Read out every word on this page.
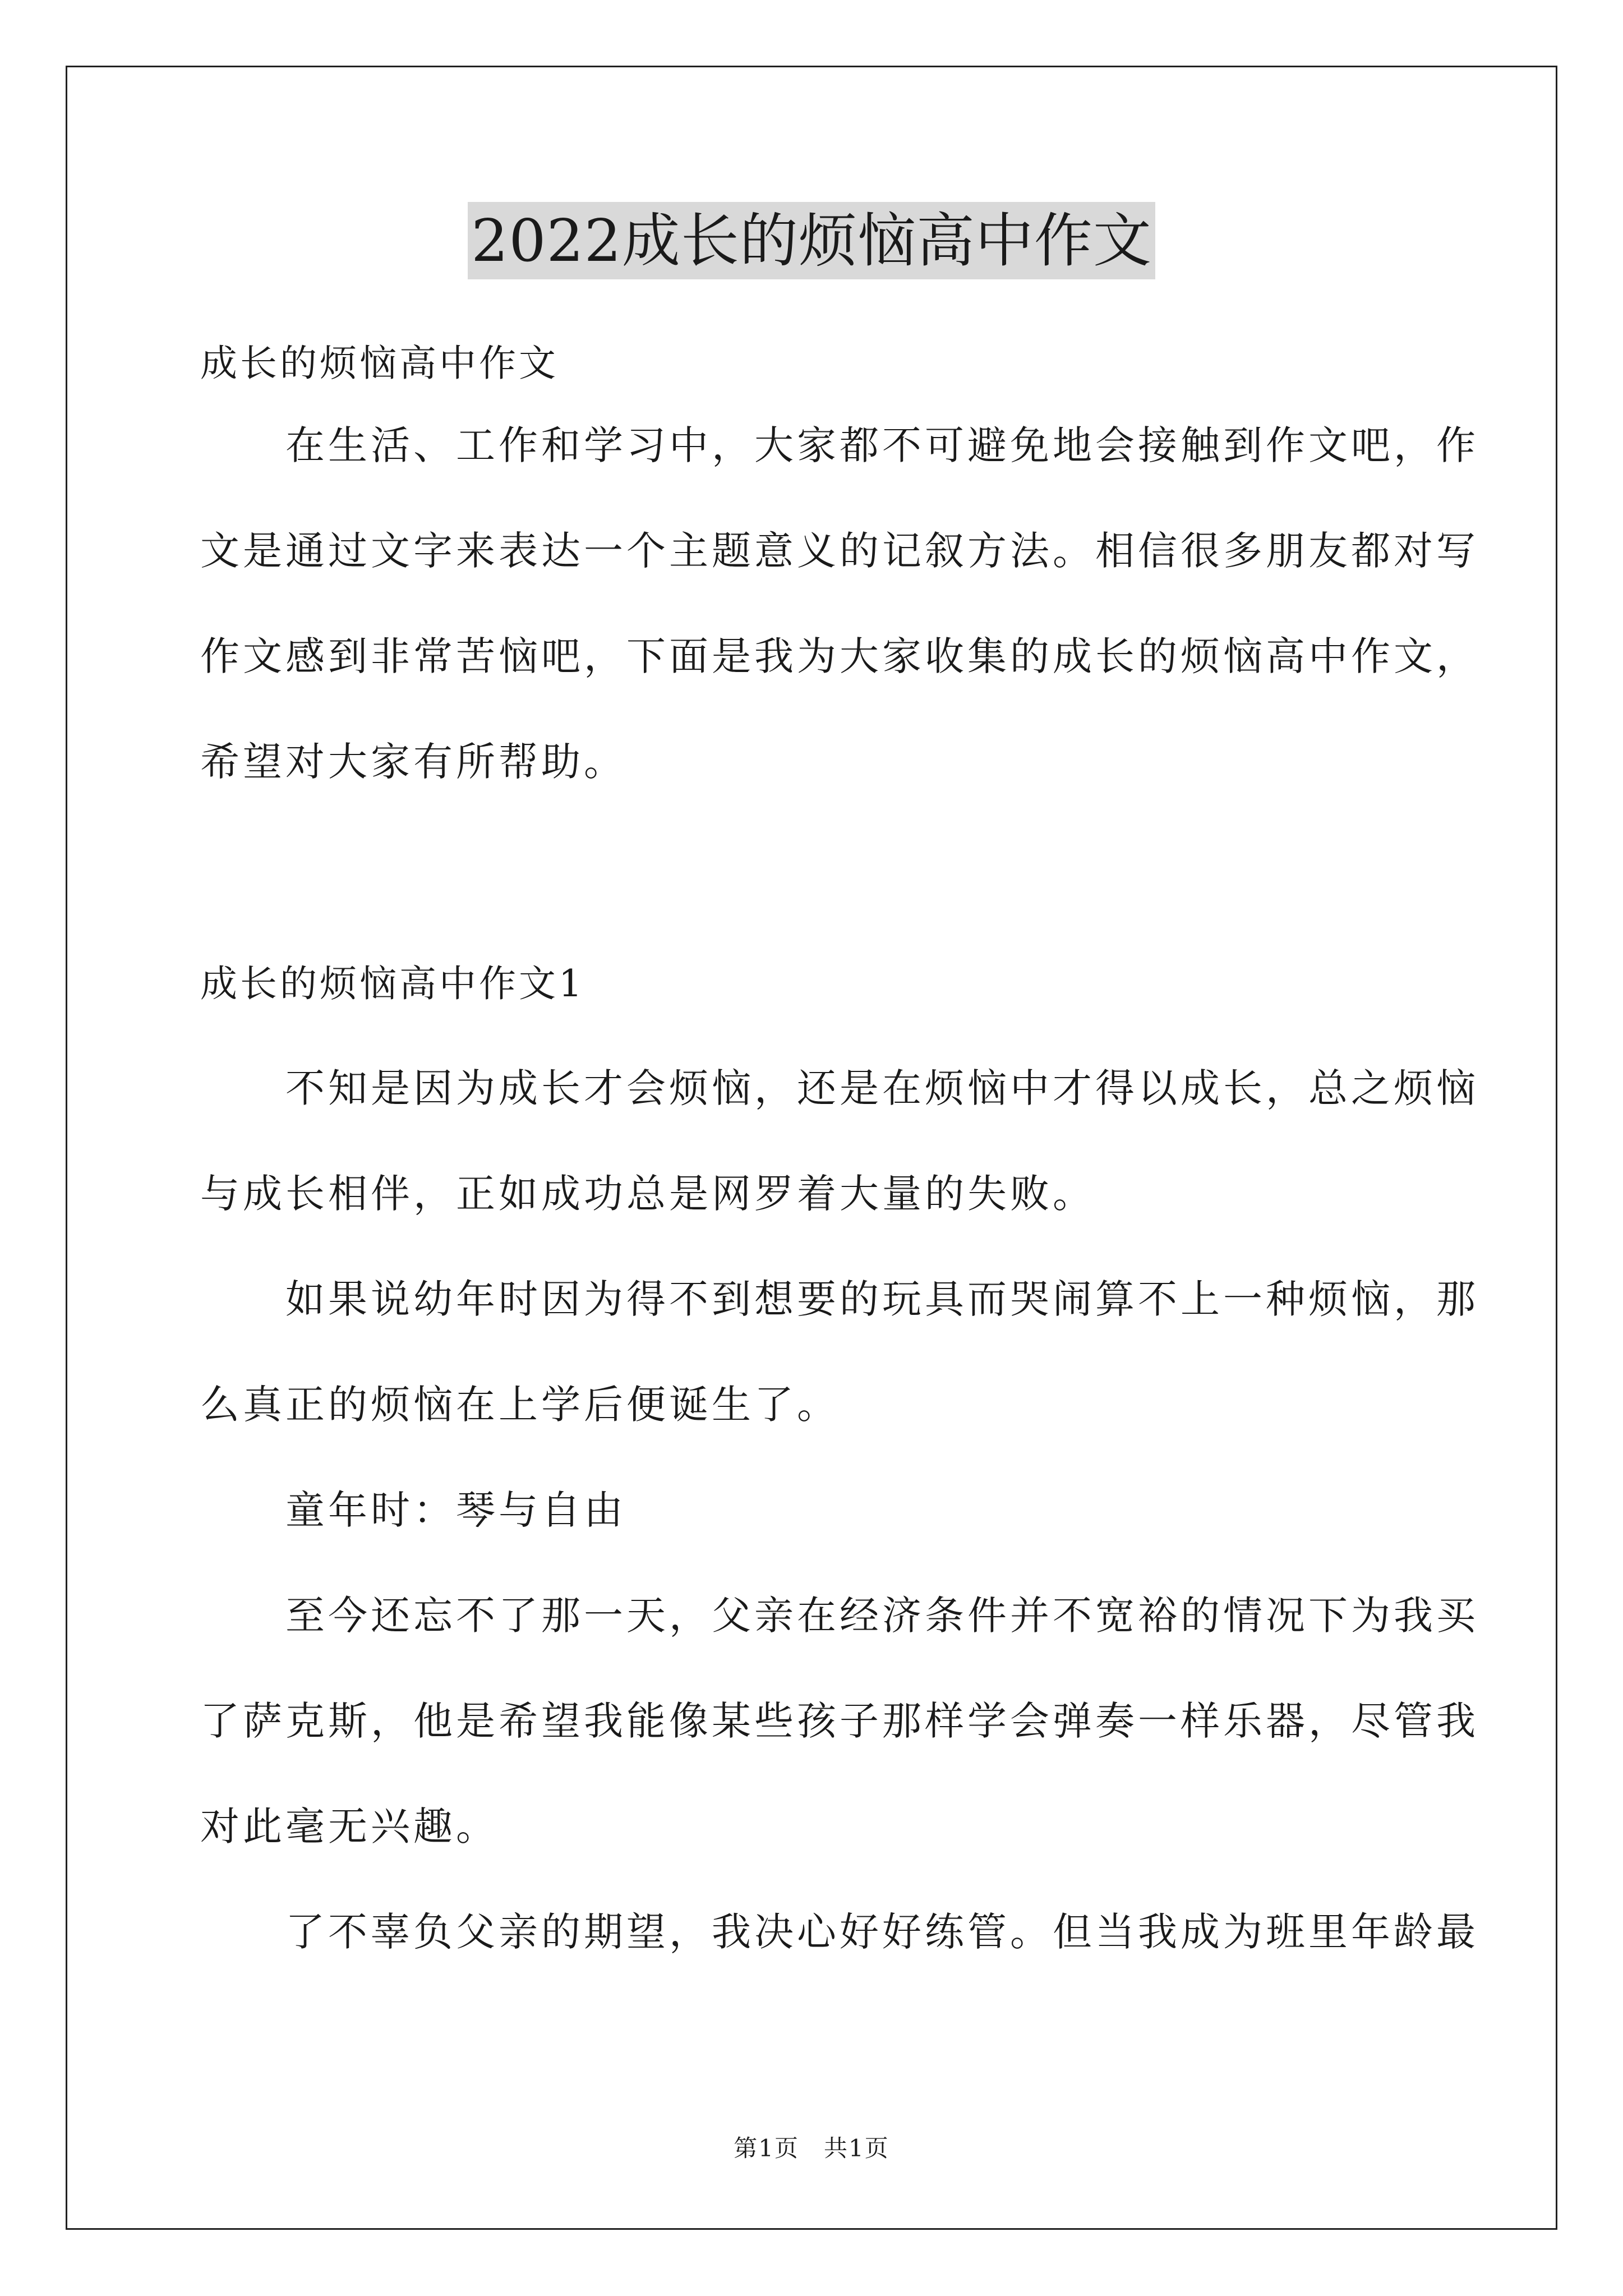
2022成长的烦恼高中作文
成长的烦恼高中作文
　　在生活、工作和学习中，大家都不可避免地会接触到作文吧，作
文是通过文字来表达一个主题意义的记叙方法。相信很多朋友都对写
作文感到非常苦恼吧，下面是我为大家收集的成长的烦恼高中作文，
希望对大家有所帮助。
成长的烦恼高中作文1
　　不知是因为成长才会烦恼，还是在烦恼中才得以成长，总之烦恼
与成长相伴，正如成功总是网罗着大量的失败。
　　如果说幼年时因为得不到想要的玩具而哭闹算不上一种烦恼，那
么真正的烦恼在上学后便诞生了。
　　童年时：琴与自由
　　至今还忘不了那一天，父亲在经济条件并不宽裕的情况下为我买
了萨克斯，他是希望我能像某些孩子那样学会弹奏一样乐器，尽管我
对此毫无兴趣。
　　了不辜负父亲的期望，我决心好好练管。但当我成为班里年龄最
第1页　共1页
